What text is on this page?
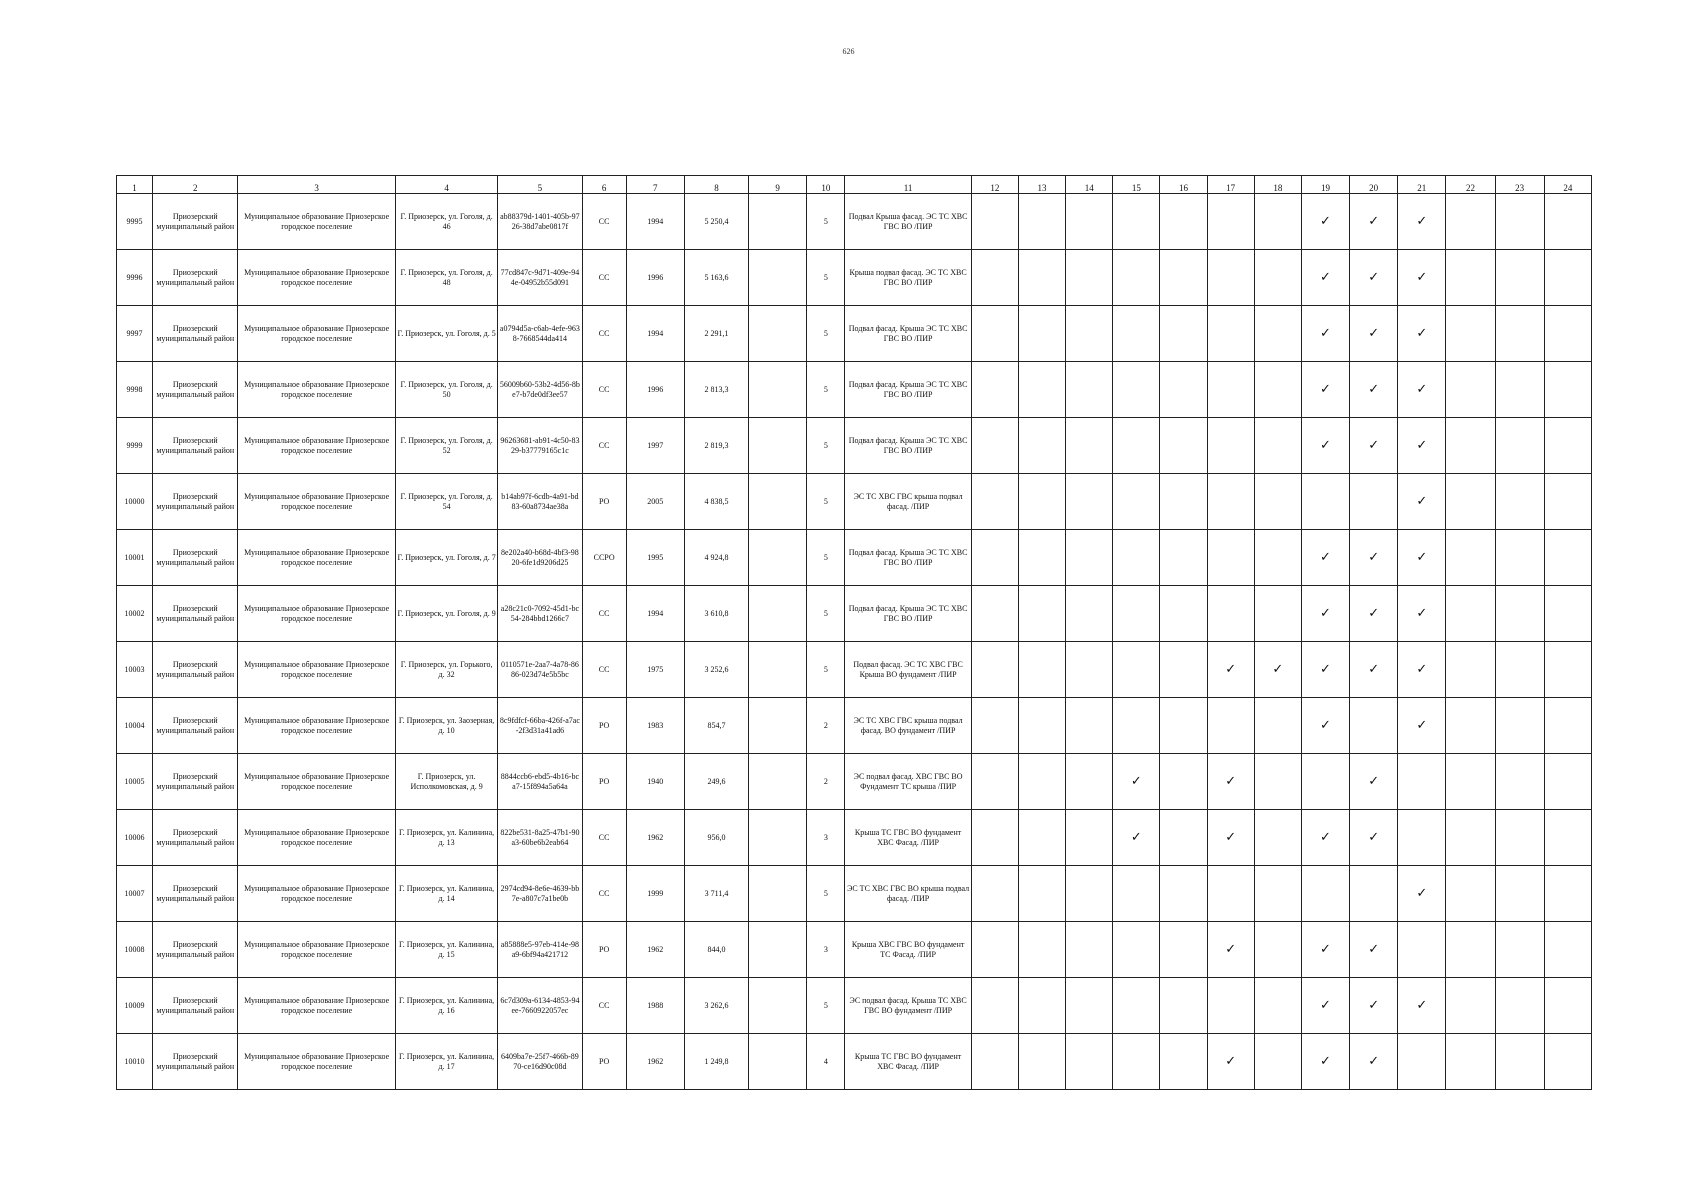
626
1	2	3	4	5	6	7	8	9	10	11	12	13	14	15	16	17	18	19	20	21	22	23	24
9995	Приозерский муниципальный район	Муниципальное образование Приозерское городское поселение	Г. Приозерск, ул. Гоголя, д. 46	ab88379d-1401-405b-9726-38d7abe0817f	СС	1994	5 250,4		5	Подвал Крыша фасад. ЭС ТС ХВС ГВС ВО /ПИР								✓	✓	✓			
9996	Приозерский муниципальный район	Муниципальное образование Приозерское городское поселение	Г. Приозерск, ул. Гоголя, д. 48	77cd847c-9d71-409e-944e-04952b55d091	СС	1996	5 163,6		5	Крыша подвал фасад. ЭС ТС ХВС ГВС ВО /ПИР								✓	✓	✓			
9997	Приозерский муниципальный район	Муниципальное образование Приозерское городское поселение	Г. Приозерск, ул. Гоголя, д. 5	a0794d5a-c6ab-4efe-9638-7668544da414	СС	1994	2 291,1		5	Подвал фасад. Крыша ЭС ТС ХВС ГВС ВО /ПИР								✓	✓	✓			
9998	Приозерский муниципальный район	Муниципальное образование Приозерское городское поселение	Г. Приозерск, ул. Гоголя, д. 50	56009b60-53b2-4d56-8be7-b7de0df3ee57	СС	1996	2 813,3		5	Подвал фасад. Крыша ЭС ТС ХВС ГВС ВО /ПИР								✓	✓	✓			
9999	Приозерский муниципальный район	Муниципальное образование Приозерское городское поселение	Г. Приозерск, ул. Гоголя, д. 52	96263681-ab91-4c50-8329-b37779165c1c	СС	1997	2 819,3		5	Подвал фасад. Крыша ЭС ТС ХВС ГВС ВО /ПИР								✓	✓	✓			
10000	Приозерский муниципальный район	Муниципальное образование Приозерское городское поселение	Г. Приозерск, ул. Гоголя, д. 54	b14ab97f-6cdb-4a91-bd83-60a8734ae38a	РО	2005	4 838,5		5	ЭС ТС ХВС ГВС крыша подвал фасад. /ПИР										✓			
10001	Приозерский муниципальный район	Муниципальное образование Приозерское городское поселение	Г. Приозерск, ул. Гоголя, д. 7	8e202a40-b68d-4bf3-9820-6fe1d9206d25	ССРО	1995	4 924,8		5	Подвал фасад. Крыша ЭС ТС ХВС ГВС ВО /ПИР								✓	✓	✓			
10002	Приозерский муниципальный район	Муниципальное образование Приозерское городское поселение	Г. Приозерск, ул. Гоголя, д. 9	a28c21c0-7092-45d1-bc54-284bbd1266c7	СС	1994	3 610,8		5	Подвал фасад. Крыша ЭС ТС ХВС ГВС ВО /ПИР								✓	✓	✓			
10003	Приозерский муниципальный район	Муниципальное образование Приозерское городское поселение	Г. Приозерск, ул. Горького, д. 32	0110571e-2aa7-4a78-8686-023d74e5b5bc	СС	1975	3 252,6		5	Подвал фасад. ЭС ТС ХВС ГВС Крыша ВО фундамент /ПИР						✓	✓	✓	✓	✓			
10004	Приозерский муниципальный район	Муниципальное образование Приозерское городское поселение	Г. Приозерск, ул. Заозерная, д. 10	8c9fdfcf-66ba-426f-a7ac-2f3d31a41ad6	РО	1983	854,7		2	ЭС ТС ХВС ГВС крыша подвал фасад. ВО фундамент /ПИР								✓		✓			
10005	Приозерский муниципальный район	Муниципальное образование Приозерское городское поселение	Г. Приозерск, ул. Исполкомовская, д. 9	8844ccb6-ebd5-4b16-bca7-15f894a5a64a	РО	1940	249,6		2	ЭС подвал фасад. ХВС ГВС ВО Фундамент ТС крыша /ПИР				✓		✓			✓				
10006	Приозерский муниципальный район	Муниципальное образование Приозерское городское поселение	Г. Приозерск, ул. Калинина, д. 13	822be531-8a25-47b1-90a3-60be6b2eab64	СС	1962	956,0		3	Крыша ТС ГВС ВО фундамент ХВС Фасад. /ПИР				✓		✓		✓	✓				
10007	Приозерский муниципальный район	Муниципальное образование Приозерское городское поселение	Г. Приозерск, ул. Калинина, д. 14	2974cd94-8e6e-4639-bb7e-a807c7a1be0b	СС	1999	3 711,4		5	ЭС ТС ХВС ГВС ВО крыша подвал фасад. /ПИР										✓			
10008	Приозерский муниципальный район	Муниципальное образование Приозерское городское поселение	Г. Приозерск, ул. Калинина, д. 15	a85888e5-97eb-414e-98a9-6bf94a421712	РО	1962	844,0		3	Крыша ХВС ГВС ВО фундамент ТС Фасад. /ПИР						✓		✓	✓				
10009	Приозерский муниципальный район	Муниципальное образование Приозерское городское поселение	Г. Приозерск, ул. Калинина, д. 16	6c7d309a-6134-4853-94ee-7660922057ec	СС	1988	3 262,6		5	ЭС подвал фасад. Крыша ТС ХВС ГВС ВО фундамент /ПИР								✓	✓	✓			
10010	Приозерский муниципальный район	Муниципальное образование Приозерское городское поселение	Г. Приозерск, ул. Калинина, д. 17	6409ba7e-25f7-466b-8970-ce16d90c08d	РО	1962	1 249,8		4	Крыша ТС ГВС ВО фундамент ХВС Фасад. /ПИР						✓		✓	✓				
